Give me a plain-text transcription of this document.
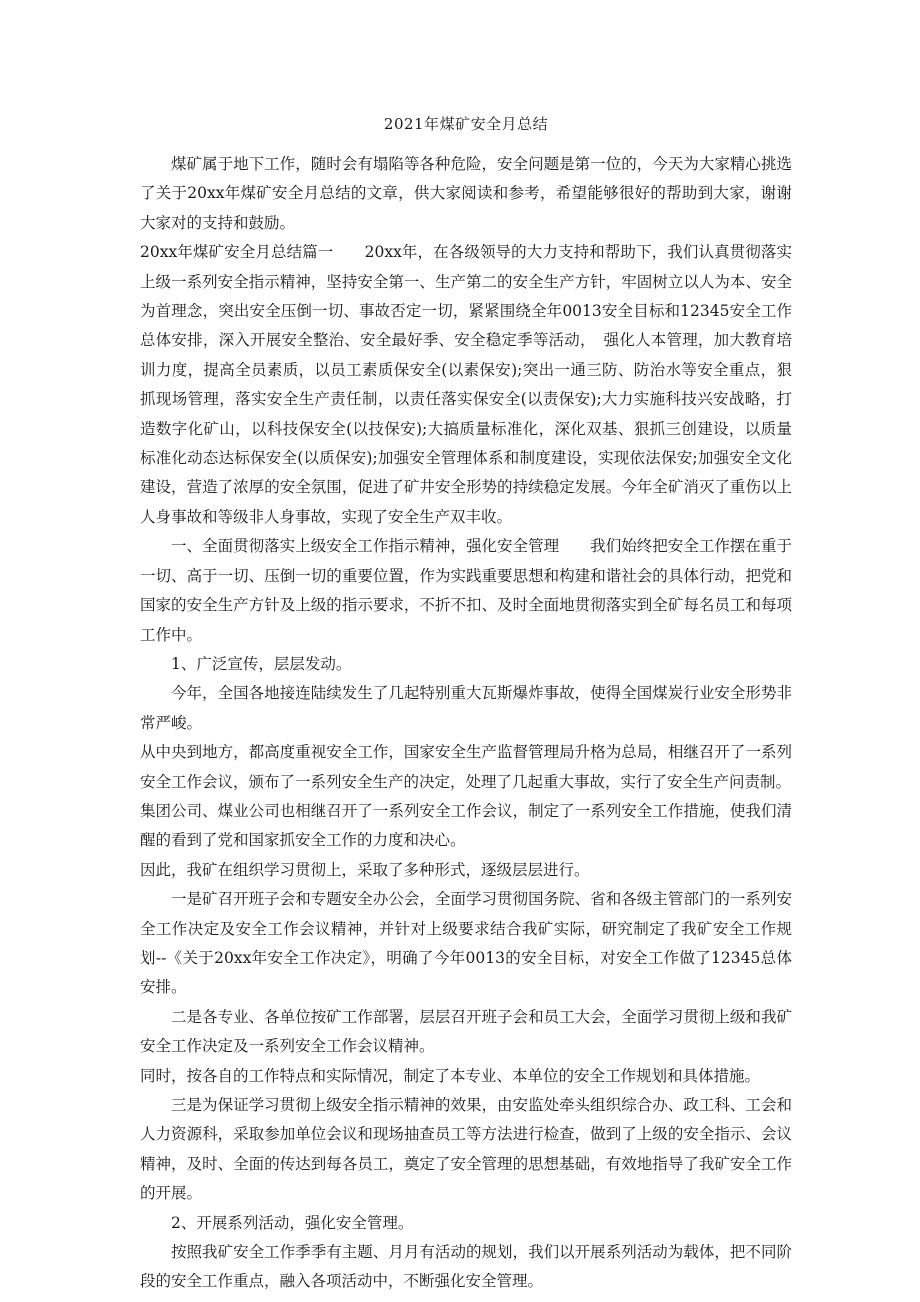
2021年煤矿安全月总结

煤矿属于地下工作，随时会有塌陷等各种危险，安全问题是第一位的，今天为大家精心挑选了关于20xx年煤矿安全月总结的文章，供大家阅读和参考，希望能够很好的帮助到大家，谢谢大家对的支持和鼓励。

20xx年煤矿安全月总结篇一　　20xx年，在各级领导的大力支持和帮助下，我们认真贯彻落实上级一系列安全指示精神，坚持安全第一、生产第二的安全生产方针，牢固树立以人为本、安全为首理念，突出安全压倒一切、事故否定一切，紧紧围绕全年0013安全目标和12345安全工作总体安排，深入开展安全整治、安全最好季、安全稳定季等活动，　强化人本管理，加大教育培训力度，提高全员素质，以员工素质保安全(以素保安);突出一通三防、防治水等安全重点，狠抓现场管理，落实安全生产责任制，以责任落实保安全(以责保安);大力实施科技兴安战略，打造数字化矿山，以科技保安全(以技保安);大搞质量标准化，深化双基、狠抓三创建设，以质量标准化动态达标保安全(以质保安);加强安全管理体系和制度建设，实现依法保安;加强安全文化建设，营造了浓厚的安全氛围，促进了矿井安全形势的持续稳定发展。今年全矿消灭了重伤以上人身事故和等级非人身事故，实现了安全生产双丰收。

一、全面贯彻落实上级安全工作指示精神，强化安全管理　　我们始终把安全工作摆在重于一切、高于一切、压倒一切的重要位置，作为实践重要思想和构建和谐社会的具体行动，把党和国家的安全生产方针及上级的指示要求，不折不扣、及时全面地贯彻落实到全矿每名员工和每项工作中。

1、广泛宣传，层层发动。

今年，全国各地接连陆续发生了几起特别重大瓦斯爆炸事故，使得全国煤炭行业安全形势非常严峻。

从中央到地方，都高度重视安全工作，国家安全生产监督管理局升格为总局，相继召开了一系列安全工作会议，颁布了一系列安全生产的决定，处理了几起重大事故，实行了安全生产问责制。

集团公司、煤业公司也相继召开了一系列安全工作会议，制定了一系列安全工作措施，使我们清醒的看到了党和国家抓安全工作的力度和决心。

因此，我矿在组织学习贯彻上，采取了多种形式，逐级层层进行。

一是矿召开班子会和专题安全办公会，全面学习贯彻国务院、省和各级主管部门的一系列安全工作决定及安全工作会议精神，并针对上级要求结合我矿实际，研究制定了我矿安全工作规划--《关于20xx年安全工作决定》，明确了今年0013的安全目标，对安全工作做了12345总体安排。

二是各专业、各单位按矿工作部署，层层召开班子会和员工大会，全面学习贯彻上级和我矿安全工作决定及一系列安全工作会议精神。

同时，按各自的工作特点和实际情况，制定了本专业、本单位的安全工作规划和具体措施。

三是为保证学习贯彻上级安全指示精神的效果，由安监处牵头组织综合办、政工科、工会和人力资源科，采取参加单位会议和现场抽查员工等方法进行检查，做到了上级的安全指示、会议精神，及时、全面的传达到每各员工，奠定了安全管理的思想基础，有效地指导了我矿安全工作的开展。

2、开展系列活动，强化安全管理。

按照我矿安全工作季季有主题、月月有活动的规划，我们以开展系列活动为载体，把不同阶段的安全工作重点，融入各项活动中，不断强化安全管理。
